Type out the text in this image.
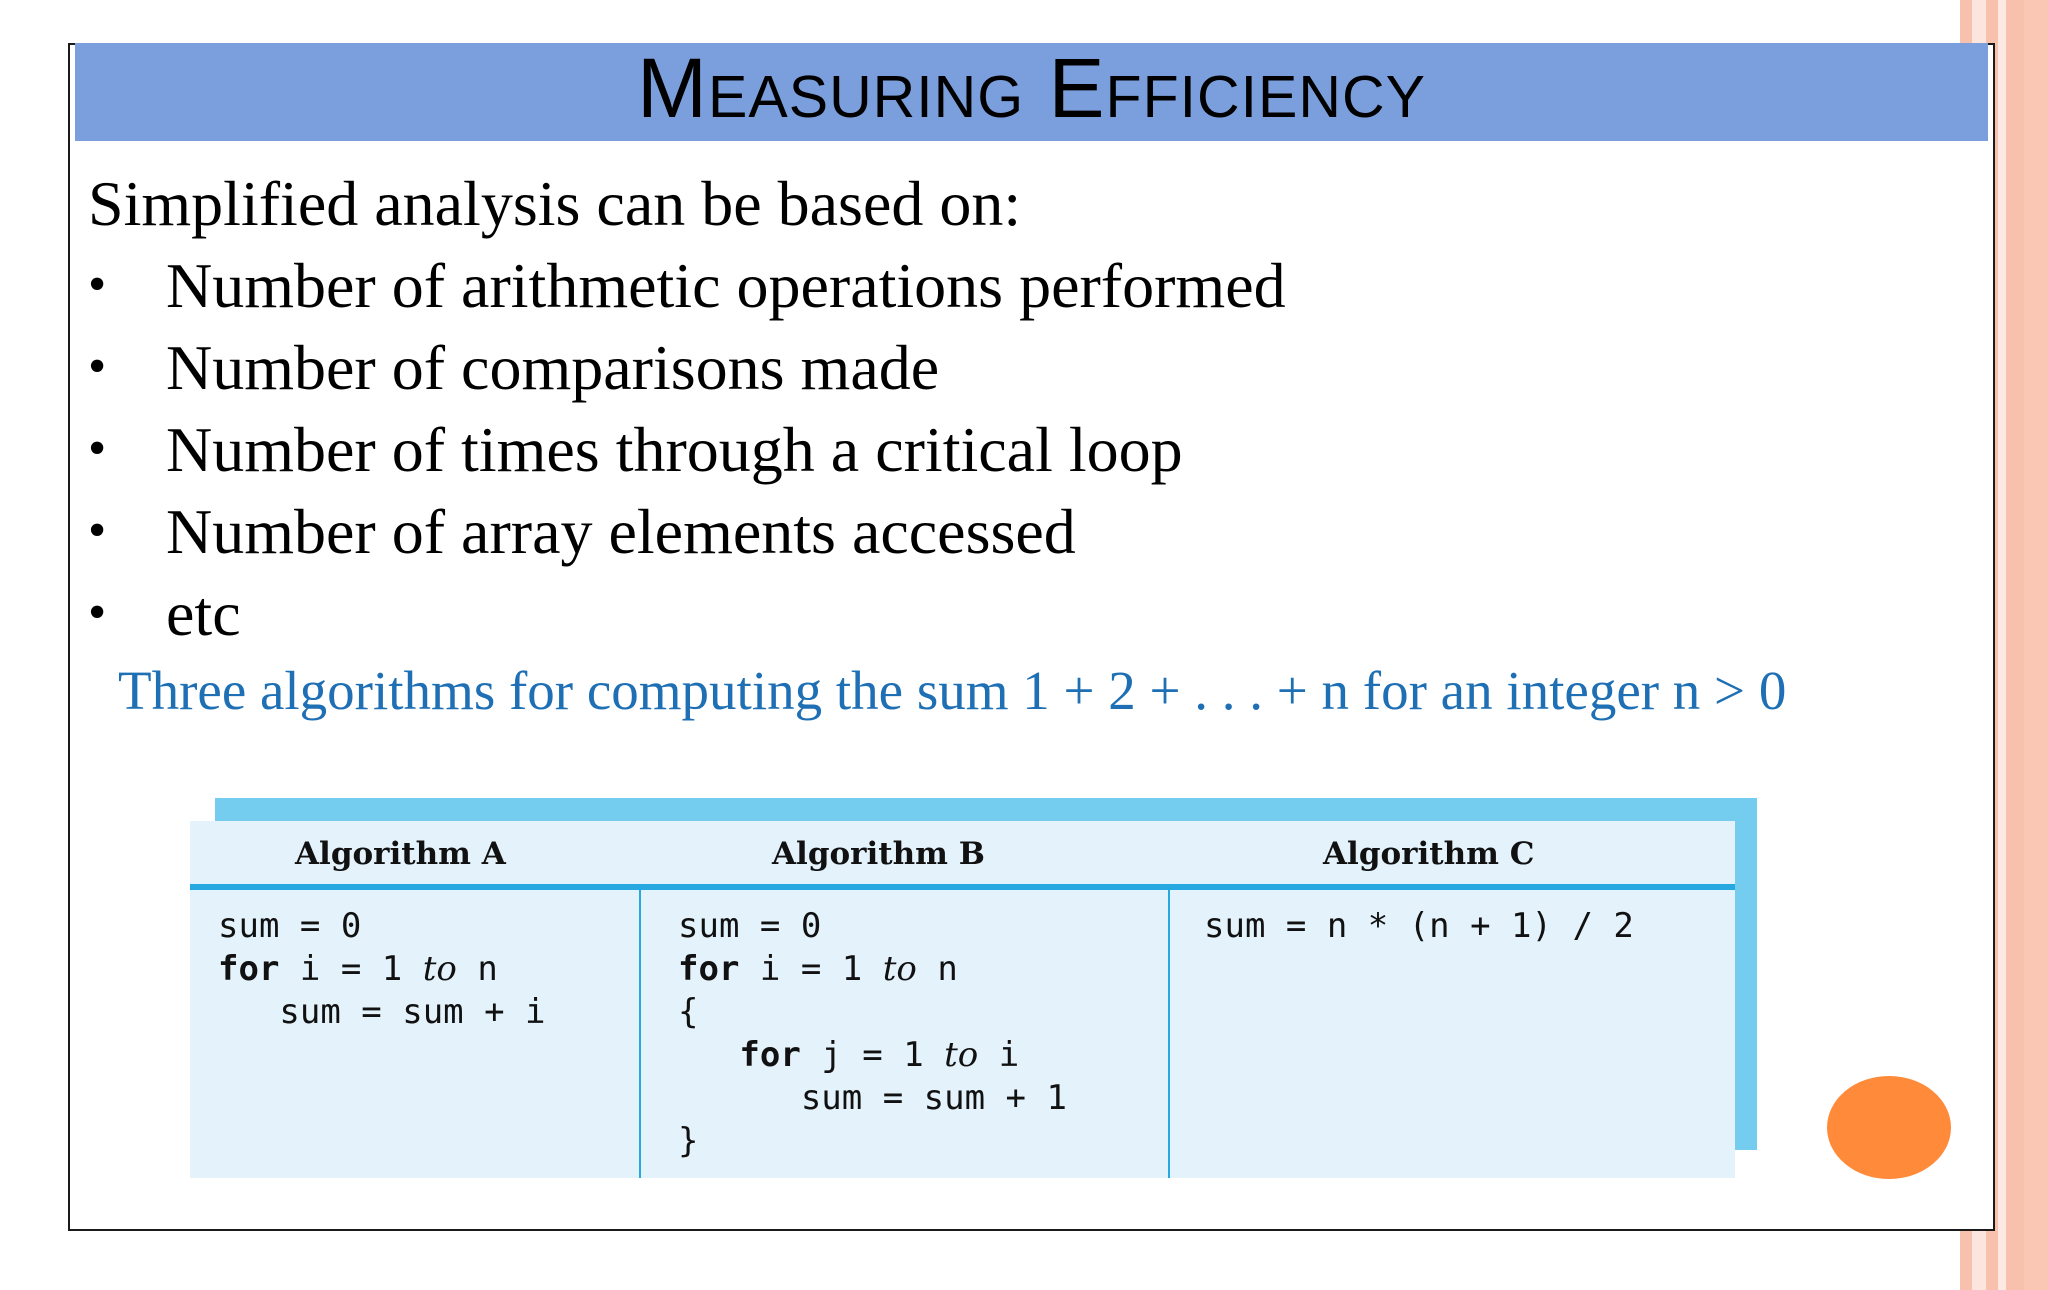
Measuring Efficiency
Simplified analysis can be based on:
• Number of arithmetic operations performed
• Number of comparisons made
• Number of times through a critical loop
• Number of array elements accessed
• etc
Three algorithms for computing the sum 1 + 2 + . . . + n for an integer n > 0
Algorithm A	Algorithm B	Algorithm C
sum = 0
for i = 1 to n
sum = sum + i
sum = 0
for i = 1 to n
{
for j = 1 to i
sum = sum + 1
}
sum = n * (n + 1) / 2
